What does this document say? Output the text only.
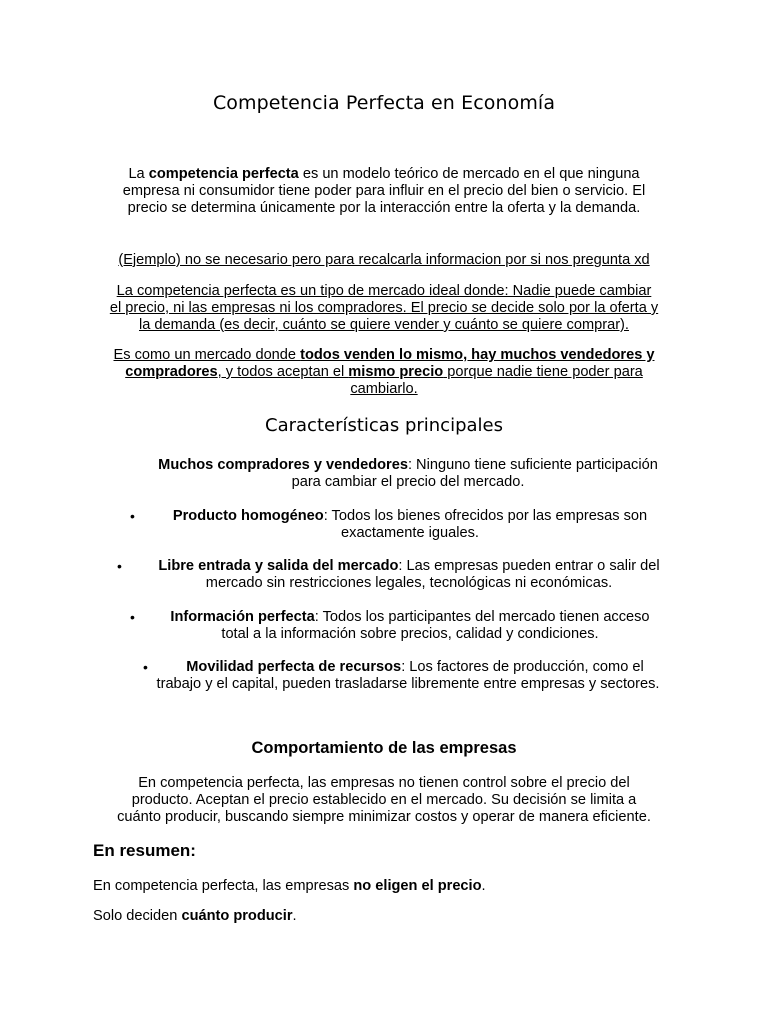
Competencia Perfecta en Economía
La competencia perfecta es un modelo teórico de mercado en el que ninguna
empresa ni consumidor tiene poder para influir en el precio del bien o servicio. El
precio se determina únicamente por la interacción entre la oferta y la demanda.
(Ejemplo) no se necesario pero para recalcarla informacion por si nos pregunta xd
La competencia perfecta es un tipo de mercado ideal donde: Nadie puede cambiar
el precio, ni las empresas ni los compradores. El precio se decide solo por la oferta y
la demanda (es decir, cuánto se quiere vender y cuánto se quiere comprar).
Es como un mercado donde todos venden lo mismo, hay muchos vendedores y
compradores, y todos aceptan el mismo precio porque nadie tiene poder para
cambiarlo.
Características principales
Muchos compradores y vendedores: Ninguno tiene suficiente participación
para cambiar el precio del mercado.
•	Producto homogéneo: Todos los bienes ofrecidos por las empresas son
exactamente iguales.
•	Libre entrada y salida del mercado: Las empresas pueden entrar o salir del
mercado sin restricciones legales, tecnológicas ni económicas.
•	Información perfecta: Todos los participantes del mercado tienen acceso
total a la información sobre precios, calidad y condiciones.
•	Movilidad perfecta de recursos: Los factores de producción, como el
trabajo y el capital, pueden trasladarse libremente entre empresas y sectores.
Comportamiento de las empresas
En competencia perfecta, las empresas no tienen control sobre el precio del
producto. Aceptan el precio establecido en el mercado. Su decisión se limita a
cuánto producir, buscando siempre minimizar costos y operar de manera eficiente.
En resumen:
En competencia perfecta, las empresas no eligen el precio.
Solo deciden cuánto producir.
